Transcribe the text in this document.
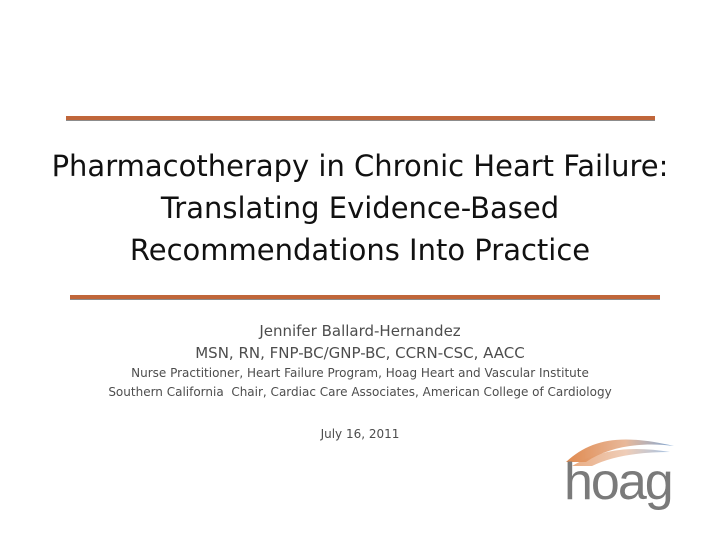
Pharmacotherapy in Chronic Heart Failure:
Translating Evidence-Based
Recommendations Into Practice
Jennifer Ballard-Hernandez
MSN, RN, FNP-BC/GNP-BC, CCRN-CSC, AACC
Nurse Practitioner, Heart Failure Program, Hoag Heart and Vascular Institute
Southern California  Chair, Cardiac Care Associates, American College of Cardiology
July 16, 2011
hoag
